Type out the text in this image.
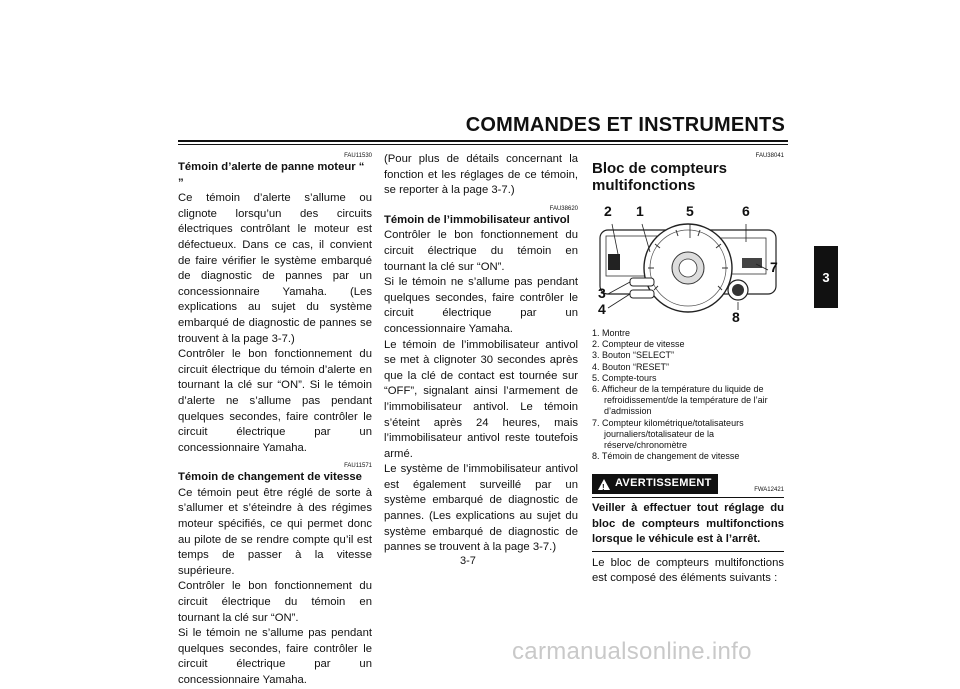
COMMANDES ET INSTRUMENTS
3
FAU11530
Témoin d’alerte de panne moteur “ ”
Ce témoin d’alerte s’allume ou clignote lorsqu’un des circuits électriques contrôlant le moteur est défectueux. Dans ce cas, il convient de faire vérifier le système embarqué de diagnostic de pannes par un concessionnaire Yamaha. (Les explications au sujet du système embarqué de diagnostic de pannes se trouvent à la page 3-7.)
Contrôler le bon fonctionnement du circuit électrique du témoin d’alerte en tournant la clé sur “ON”. Si le témoin d’alerte ne s’allume pas pendant quelques secondes, faire contrôler le circuit électrique par un concessionnaire Yamaha.
FAU11571
Témoin de changement de vitesse
Ce témoin peut être réglé de sorte à s’allumer et s’éteindre à des régimes moteur spécifiés, ce qui permet donc au pilote de se rendre compte qu’il est temps de passer à la vitesse supérieure.
Contrôler le bon fonctionnement du circuit électrique du témoin en tournant la clé sur “ON”.
Si le témoin ne s’allume pas pendant quelques secondes, faire contrôler le circuit électrique par un concessionnaire Yamaha.
(Pour plus de détails concernant la fonction et les réglages de ce témoin, se reporter à la page 3-7.)
FAU38620
Témoin de l’immobilisateur antivol
Contrôler le bon fonctionnement du circuit électrique du témoin en tournant la clé sur “ON”.
Si le témoin ne s’allume pas pendant quelques secondes, faire contrôler le circuit électrique par un concessionnaire Yamaha.
Le témoin de l’immobilisateur antivol se met à clignoter 30 secondes après que la clé de contact est tournée sur “OFF”, signalant ainsi l’armement de l’immobilisateur antivol. Le témoin s’éteint après 24 heures, mais l’immobilisateur antivol reste toutefois armé.
Le système de l’immobilisateur antivol est également surveillé par un système embarqué de diagnostic de pannes. (Les explications au sujet du système embarqué de diagnostic de pannes se trouvent à la page 3-7.)
FAU38041
Bloc de compteurs multifonctions
2 1	5	6
7
3
4	8
1. Montre
2. Compteur de vitesse
3. Bouton “SELECT”
4. Bouton “RESET”
5. Compte-tours
6. Afficheur de la température du liquide de refroidissement/de la température de l’air d’admission
7. Compteur kilométrique/totalisateurs journaliers/totalisateur de la réserve/chronomètre
8. Témoin de changement de vitesse
! AVERTISSEMENT
FWA12421
Veiller à effectuer tout réglage du bloc de compteurs multifonctions lorsque le véhicule est à l’arrêt.
Le bloc de compteurs multifonctions est composé des éléments suivants :
3-7
carmanualsonline.info
